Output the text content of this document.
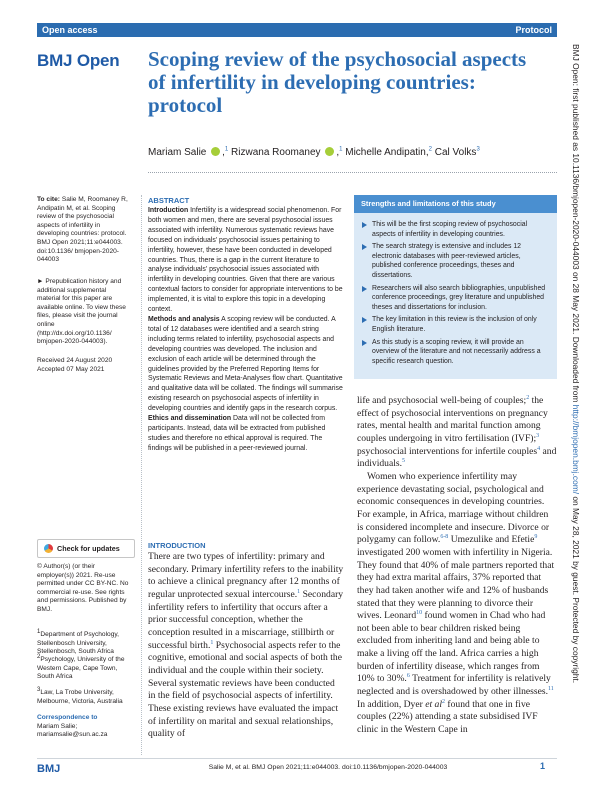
Open access	Protocol
BMJ Open Scoping review of the psychosocial aspects of infertility in developing countries: protocol
Mariam Salie ,$^1$ Rizwana Roomaney ,$^1$ Michelle Andipatin,$^2$ Cal Volks$^3$
To cite: Salie M, Roomaney R, Andipatin M, et al. Scoping review of the psychosocial aspects of infertility in developing countries: protocol. BMJ Open 2021;11:e044003. doi:10.1136/ bmjopen-2020-044003
► Prepublication history and additional supplemental material for this paper are available online. To view these files, please visit the journal online (http://dx.doi.org/10.1136/ bmjopen-2020-044003).
Received 24 August 2020
Accepted 07 May 2021
Check for updates
© Author(s) (or their employer(s)) 2021. Re-use permitted under CC BY-NC. No commercial re-use. See rights and permissions. Published by BMJ.
$^1$Department of Psychology, Stellenbosch University, Stellenbosch, South Africa
$^2$Psychology, University of the Western Cape, Cape Town, South Africa
$^3$Law, La Trobe University, Melbourne, Victoria, Australia
Correspondence to
Mariam Salie;
mariamsalie@sun.ac.za
ABSTRACT
Introduction Infertility is a widespread social phenomenon. For both women and men, there are several psychosocial issues associated with infertility. Numerous systematic reviews have focused on individuals' psychosocial issues pertaining to infertility, however, these have been conducted in developed countries. Thus, there is a gap in the current literature to analyse individuals' psychosocial issues associated with infertility in developing countries. Given that there are various contextual factors to consider for appropriate interventions to be implemented, it is vital to explore this topic in a developing context.
Methods and analysis A scoping review will be conducted. A total of 12 databases were identified and a search string including terms related to infertility, psychosocial aspects and developing countries was developed. The inclusion and exclusion of each article will be determined through the guidelines provided by the Preferred Reporting Items for Systematic Reviews and Meta-Analyses flow chart. Quantitative and qualitative data will be collated. The findings will summarise existing research on psychosocial aspects of infertility in developing countries and identify gaps in the research corpus.
Ethics and dissemination Data will not be collected from participants. Instead, data will be extracted from published studies and therefore no ethical approval is required. The findings will be published in a peer-reviewed journal.
This will be the first scoping review of psychosocial aspects of infertility in developing countries.
The search strategy is extensive and includes 12 electronic databases with peer-reviewed articles, published conference proceedings, theses and dissertations.
Researchers will also search bibliographies, unpublished conference proceedings, grey literature and unpublished theses and dissertations for inclusion.
The key limitation in this review is the inclusion of only English literature.
As this study is a scoping review, it will provide an overview of the literature and not necessarily address a specific research question.
Strengths and limitations of this study
INTRODUCTION

There are two types of infertility: primary and secondary. Primary infertility refers to the inability to achieve a clinical pregnancy after 12 months of regular unprotected sexual intercourse.$^1$ Secondary infertility refers to infertility that occurs after a prior successful conception, whether the conception resulted in a miscarriage, stillbirth or successful birth.$^1$ Psychosocial aspects refer to the cognitive, emotional and social aspects of both the individual and the couple within their society. Several systematic reviews have been conducted in the field of psychosocial aspects of infertility. These existing reviews have evaluated the impact of infertility on marital and sexual relationships, quality of

life and psychosocial well-being of couples;$^2$ the effect of psychosocial interventions on pregnancy rates, mental health and marital function among couples undergoing in vitro fertilisation (IVF);$^3$ psychosocial interventions for infertile couples$^4$ and individuals.$^5$

Women who experience infertility may experience devastating social, psychological and economic consequences in developing countries. For example, in Africa, marriage without children is considered incomplete and insecure. Divorce or polygamy can follow.$^{6-8}$ Umezulike and Efetie$^9$ investigated 200 women with infertility in Nigeria. They found that 40% of male partners reported that they had extra marital affairs, 37% reported that they had taken another wife and 12% of husbands stated that they were planning to divorce their wives. Leonard$^{10}$ found women in Chad who had not been able to bear children risked being excluded from inheriting land and being able to make a living off the land. Africa carries a high burden of infertility disease, which ranges from 10% to 30%.$^6$ Treatment for infertility is relatively neglected and is overshadowed by other illnesses.$^{11}$ In addition, Dyer et $al^2$ found that one in five couples (22%) attending a state subsidised IVF clinic in the Western Cape in

BMJ	Salie M, et al. BMJ Open 2021;11:e044003. doi:10.1136/bmjopen-2020-044003	1
BMJ Open: first published as 10.1136/bmjopen-2020-044003 on 28 May 2021. Downloaded from http://bmjopen.bmj.com/ on May 28, 2021 by guest. Protected by copyright.
